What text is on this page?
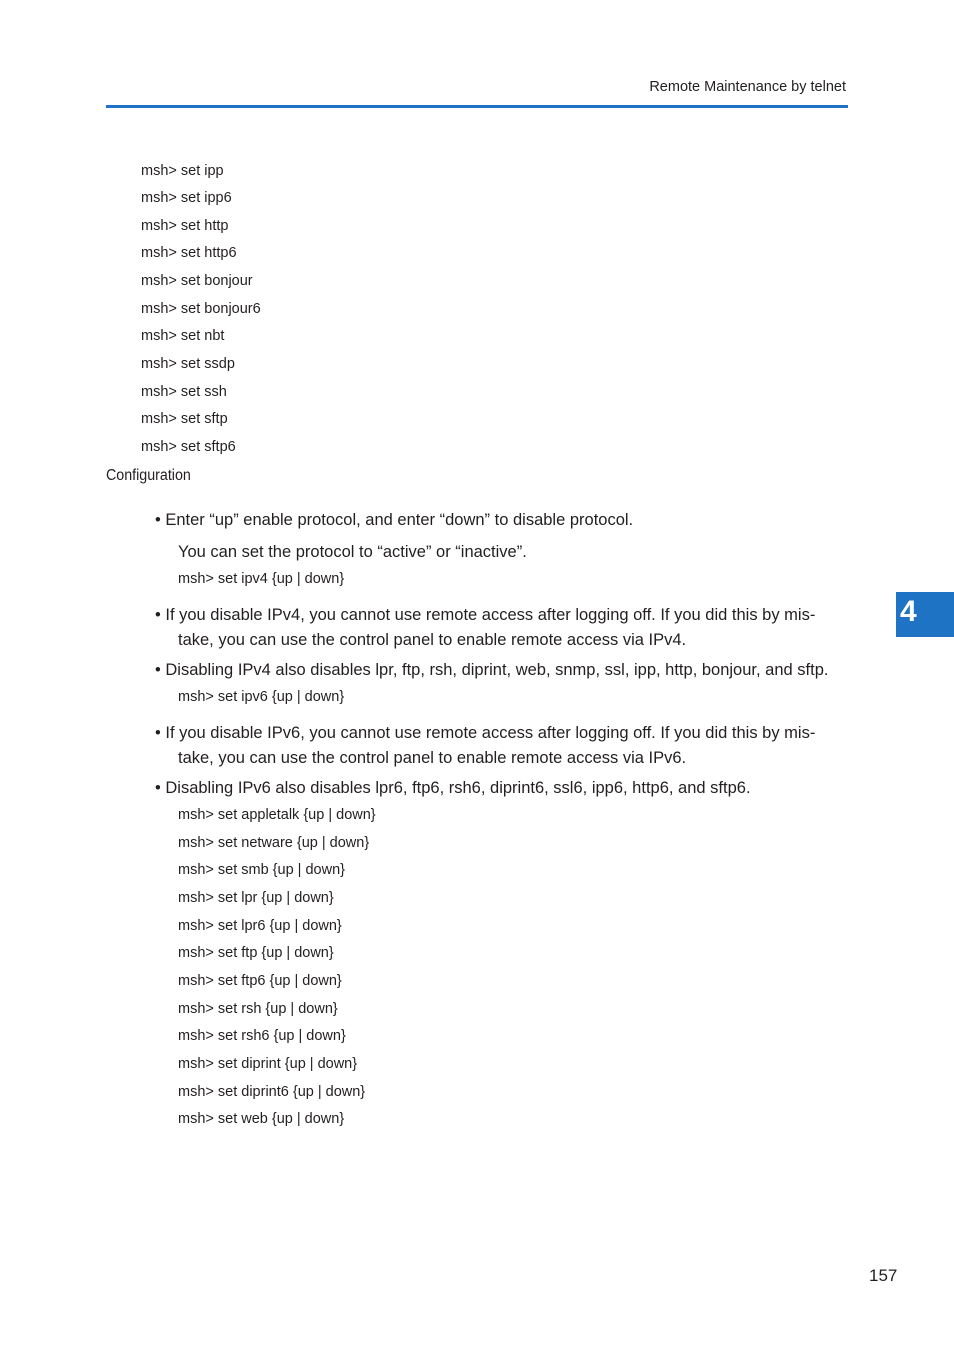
Remote Maintenance by telnet
4
msh> set ipp
msh> set ipp6
msh> set http
msh> set http6
msh> set bonjour
msh> set bonjour6
msh> set nbt
msh> set ssdp
msh> set ssh
msh> set sftp
msh> set sftp6
Configuration
• Enter “up” enable protocol, and enter “down” to disable protocol.
You can set the protocol to “active” or “inactive”.
msh> set ipv4 {up | down}
• If you disable IPv4, you cannot use remote access after logging off. If you did this by mis-
take, you can use the control panel to enable remote access via IPv4.
• Disabling IPv4 also disables lpr, ftp, rsh, diprint, web, snmp, ssl, ipp, http, bonjour, and sftp.
msh> set ipv6 {up | down}
• If you disable IPv6, you cannot use remote access after logging off. If you did this by mis-
take, you can use the control panel to enable remote access via IPv6.
• Disabling IPv6 also disables lpr6, ftp6, rsh6, diprint6, ssl6, ipp6, http6, and sftp6.
msh> set appletalk {up | down}
msh> set netware {up | down}
msh> set smb {up | down}
msh> set lpr {up | down}
msh> set lpr6 {up | down}
msh> set ftp {up | down}
msh> set ftp6 {up | down}
msh> set rsh {up | down}
msh> set rsh6 {up | down}
msh> set diprint {up | down}
msh> set diprint6 {up | down}
msh> set web {up | down}
157
